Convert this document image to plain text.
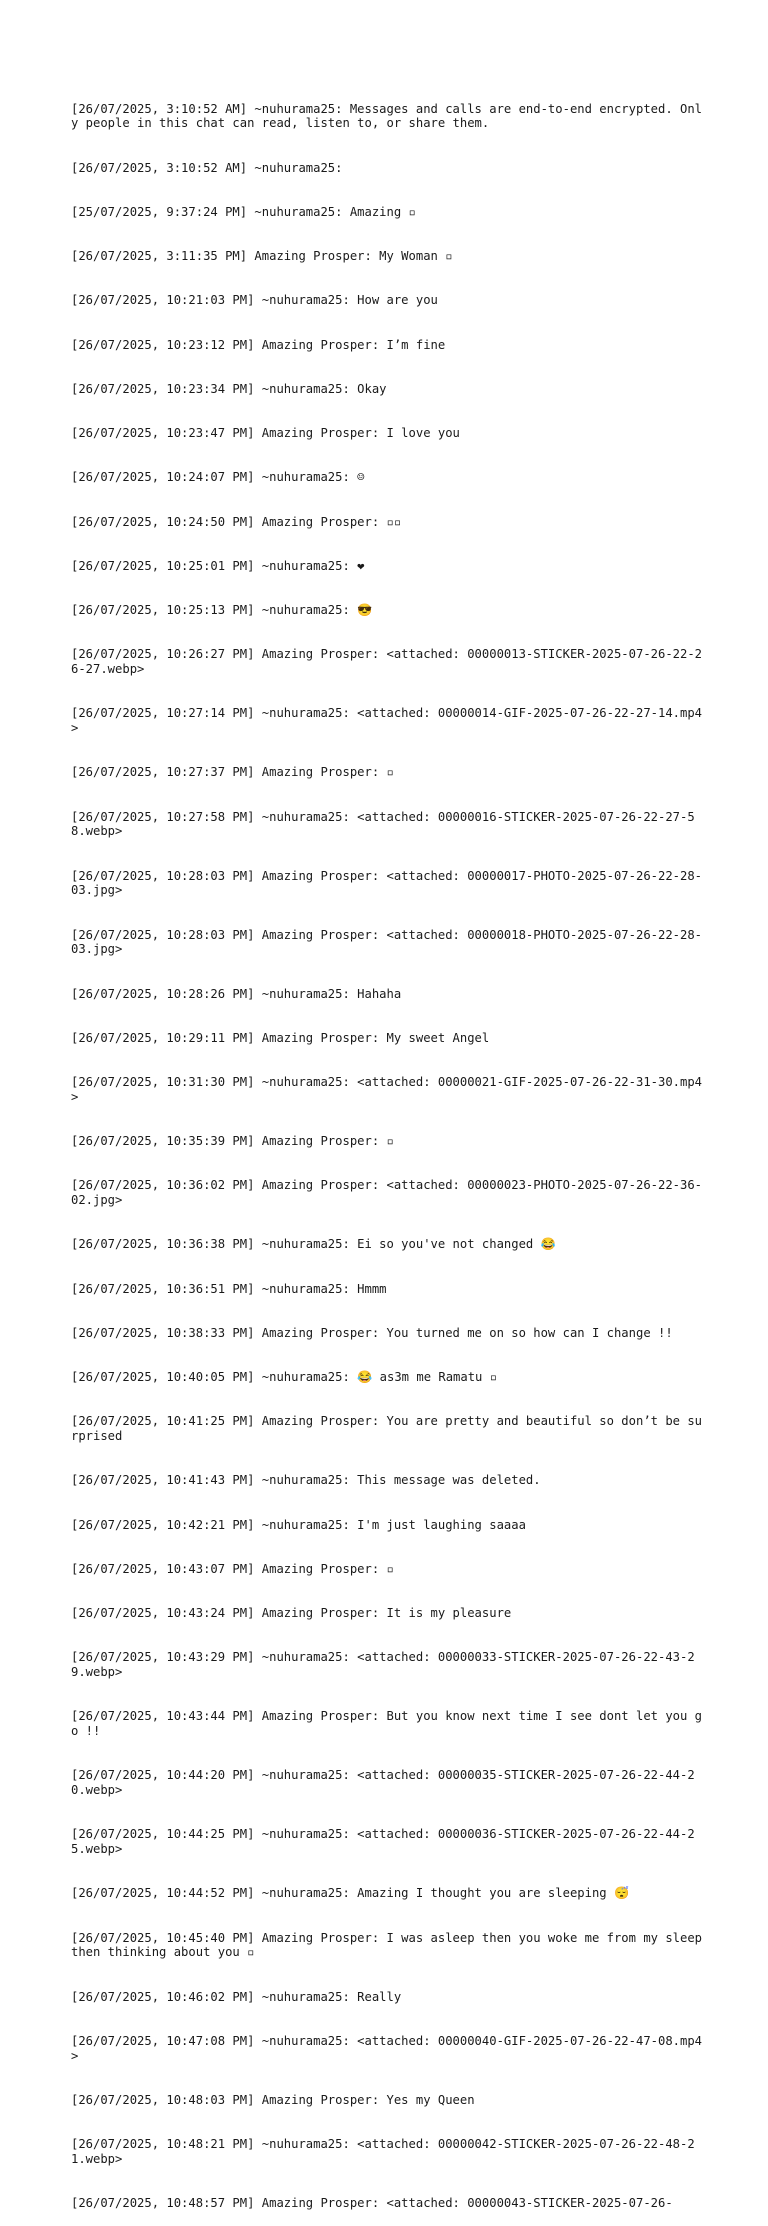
[26/07/2025, 3:10:52 AM] ~nuhurama25: Messages and calls are end-to-end encrypted. Only people in this chat can read, listen to, or share them.

[26/07/2025, 3:10:52 AM] ~nuhurama25:

[25/07/2025, 9:37:24 PM] ~nuhurama25: Amazing ▫

[26/07/2025, 3:11:35 PM] Amazing Prosper: My Woman ▫

[26/07/2025, 10:21:03 PM] ~nuhurama25: How are you

[26/07/2025, 10:23:12 PM] Amazing Prosper: I’m fine

[26/07/2025, 10:23:34 PM] ~nuhurama25: Okay

[26/07/2025, 10:23:47 PM] Amazing Prosper: I love you

[26/07/2025, 10:24:07 PM] ~nuhurama25: ☺

[26/07/2025, 10:24:50 PM] Amazing Prosper: ▫▫

[26/07/2025, 10:25:01 PM] ~nuhurama25: ❤

[26/07/2025, 10:25:13 PM] ~nuhurama25: 😎

[26/07/2025, 10:26:27 PM] Amazing Prosper: <attached: 00000013-STICKER-2025-07-26-22-26-27.webp>

[26/07/2025, 10:27:14 PM] ~nuhurama25: <attached: 00000014-GIF-2025-07-26-22-27-14.mp4>

[26/07/2025, 10:27:37 PM] Amazing Prosper: ▫

[26/07/2025, 10:27:58 PM] ~nuhurama25: <attached: 00000016-STICKER-2025-07-26-22-27-58.webp>

[26/07/2025, 10:28:03 PM] Amazing Prosper: <attached: 00000017-PHOTO-2025-07-26-22-28-03.jpg>

[26/07/2025, 10:28:03 PM] Amazing Prosper: <attached: 00000018-PHOTO-2025-07-26-22-28-03.jpg>

[26/07/2025, 10:28:26 PM] ~nuhurama25: Hahaha

[26/07/2025, 10:29:11 PM] Amazing Prosper: My sweet Angel

[26/07/2025, 10:31:30 PM] ~nuhurama25: <attached: 00000021-GIF-2025-07-26-22-31-30.mp4>

[26/07/2025, 10:35:39 PM] Amazing Prosper: ▫

[26/07/2025, 10:36:02 PM] Amazing Prosper: <attached: 00000023-PHOTO-2025-07-26-22-36-02.jpg>

[26/07/2025, 10:36:38 PM] ~nuhurama25: Ei so you've not changed 😂

[26/07/2025, 10:36:51 PM] ~nuhurama25: Hmmm

[26/07/2025, 10:38:33 PM] Amazing Prosper: You turned me on so how can I change !!

[26/07/2025, 10:40:05 PM] ~nuhurama25: 😂 as3m me Ramatu ▫

[26/07/2025, 10:41:25 PM] Amazing Prosper: You are pretty and beautiful so don’t be surprised

[26/07/2025, 10:41:43 PM] ~nuhurama25: This message was deleted.

[26/07/2025, 10:42:21 PM] ~nuhurama25: I'm just laughing saaaa

[26/07/2025, 10:43:07 PM] Amazing Prosper: ▫

[26/07/2025, 10:43:24 PM] Amazing Prosper: It is my pleasure

[26/07/2025, 10:43:29 PM] ~nuhurama25: <attached: 00000033-STICKER-2025-07-26-22-43-29.webp>

[26/07/2025, 10:43:44 PM] Amazing Prosper: But you know next time I see dont let you go !!

[26/07/2025, 10:44:20 PM] ~nuhurama25: <attached: 00000035-STICKER-2025-07-26-22-44-20.webp>

[26/07/2025, 10:44:25 PM] ~nuhurama25: <attached: 00000036-STICKER-2025-07-26-22-44-25.webp>

[26/07/2025, 10:44:52 PM] ~nuhurama25: Amazing I thought you are sleeping 😴

[26/07/2025, 10:45:40 PM] Amazing Prosper: I was asleep then you woke me from my sleep then thinking about you ▫

[26/07/2025, 10:46:02 PM] ~nuhurama25: Really

[26/07/2025, 10:47:08 PM] ~nuhurama25: <attached: 00000040-GIF-2025-07-26-22-47-08.mp4>

[26/07/2025, 10:48:03 PM] Amazing Prosper: Yes my Queen

[26/07/2025, 10:48:21 PM] ~nuhurama25: <attached: 00000042-STICKER-2025-07-26-22-48-21.webp>

[26/07/2025, 10:48:57 PM] Amazing Prosper: <attached: 00000043-STICKER-2025-07-26-
